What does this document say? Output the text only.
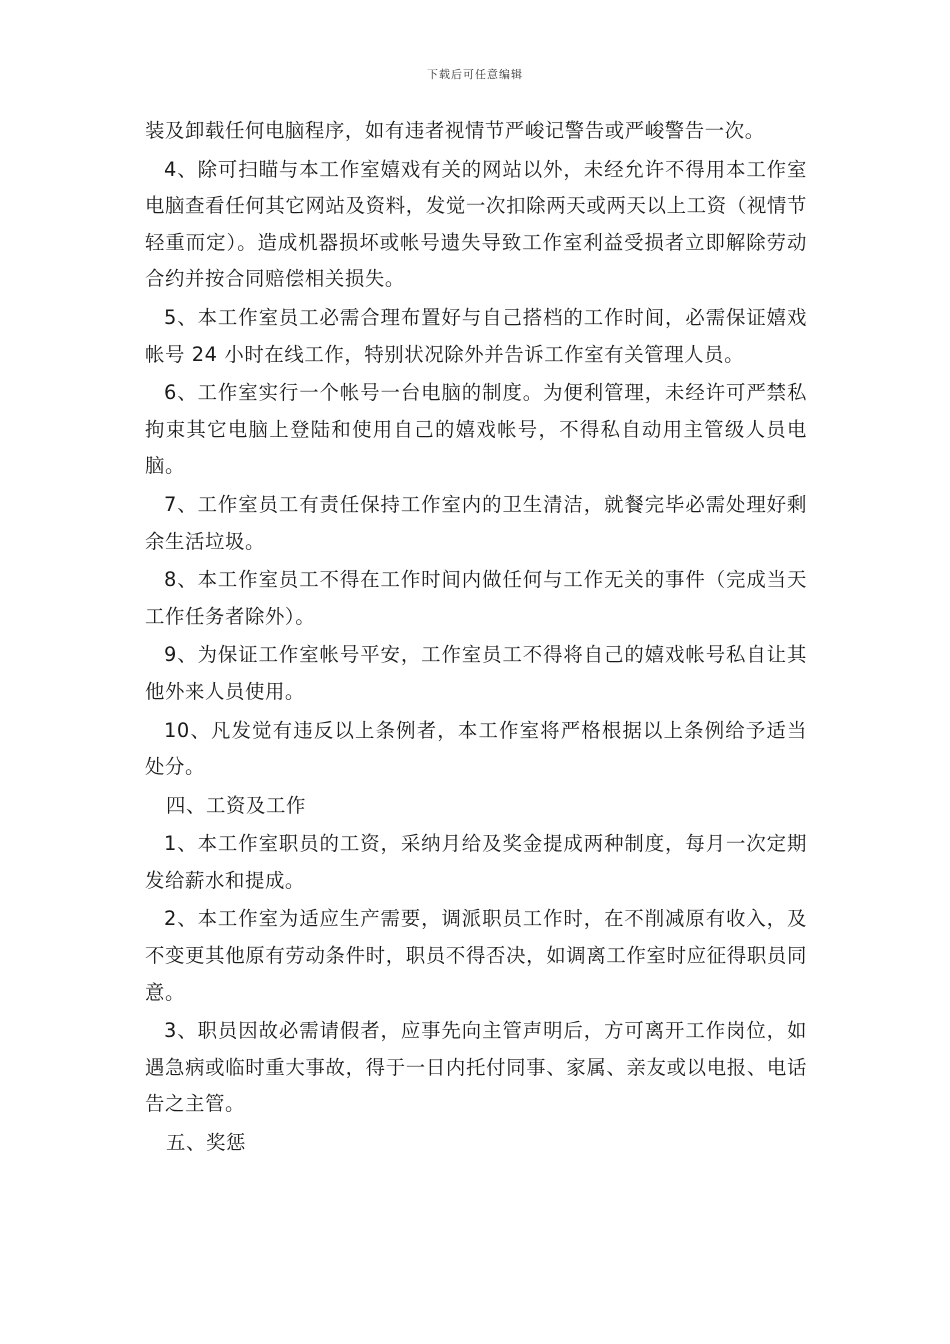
下载后可任意编辑

装及卸载任何电脑程序，如有违者视情节严峻记警告或严峻警告一次。

4、除可扫瞄与本工作室嬉戏有关的网站以外，未经允许不得用本工作室电脑查看任何其它网站及资料，发觉一次扣除两天或两天以上工资（视情节轻重而定）。造成机器损坏或帐号遗失导致工作室利益受损者立即解除劳动合约并按合同赔偿相关损失。

5、本工作室员工必需合理布置好与自己搭档的工作时间，必需保证嬉戏帐号 24 小时在线工作，特别状况除外并告诉工作室有关管理人员。

6、工作室实行一个帐号一台电脑的制度。为便利管理，未经许可严禁私拘束其它电脑上登陆和使用自己的嬉戏帐号，不得私自动用主管级人员电脑。

7、工作室员工有责任保持工作室内的卫生清洁，就餐完毕必需处理好剩余生活垃圾。

8、本工作室员工不得在工作时间内做任何与工作无关的事件（完成当天工作任务者除外）。

9、为保证工作室帐号平安，工作室员工不得将自己的嬉戏帐号私自让其他外来人员使用。

10、凡发觉有违反以上条例者，本工作室将严格根据以上条例给予适当处分。

四、工资及工作

1、本工作室职员的工资，采纳月给及奖金提成两种制度，每月一次定期发给薪水和提成。

2、本工作室为适应生产需要，调派职员工作时，在不削减原有收入，及不变更其他原有劳动条件时，职员不得否决，如调离工作室时应征得职员同意。

3、职员因故必需请假者，应事先向主管声明后，方可离开工作岗位，如遇急病或临时重大事故，得于一日内托付同事、家属、亲友或以电报、电话告之主管。

五、奖惩
